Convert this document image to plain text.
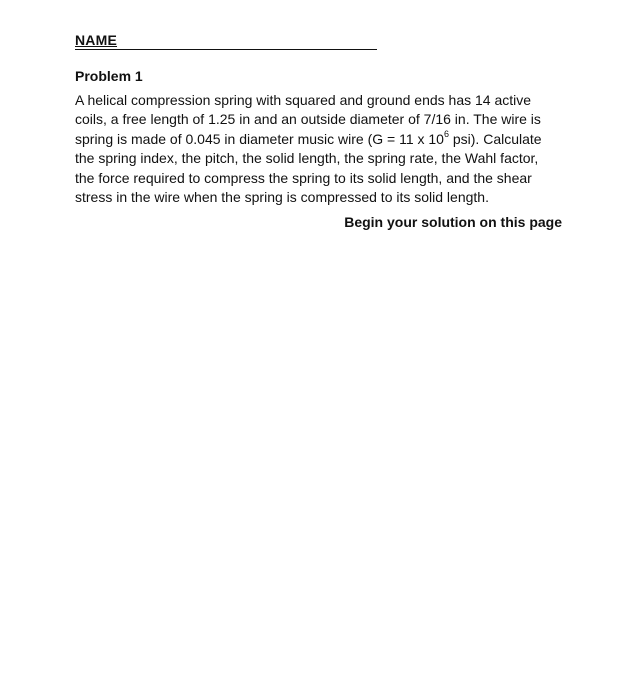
NAME
Problem 1

A helical compression spring with squared and ground ends has 14 active
coils, a free length of 1.25 in and an outside diameter of 7/16 in. The wire is
spring is made of 0.045 in diameter music wire (G = 11 x $10^6$ psi). Calculate
the spring index, the pitch, the solid length, the spring rate, the Wahl factor,
the force required to compress the spring to its solid length, and the shear
stress in the wire when the spring is compressed to its solid length.

Begin your solution on this page
